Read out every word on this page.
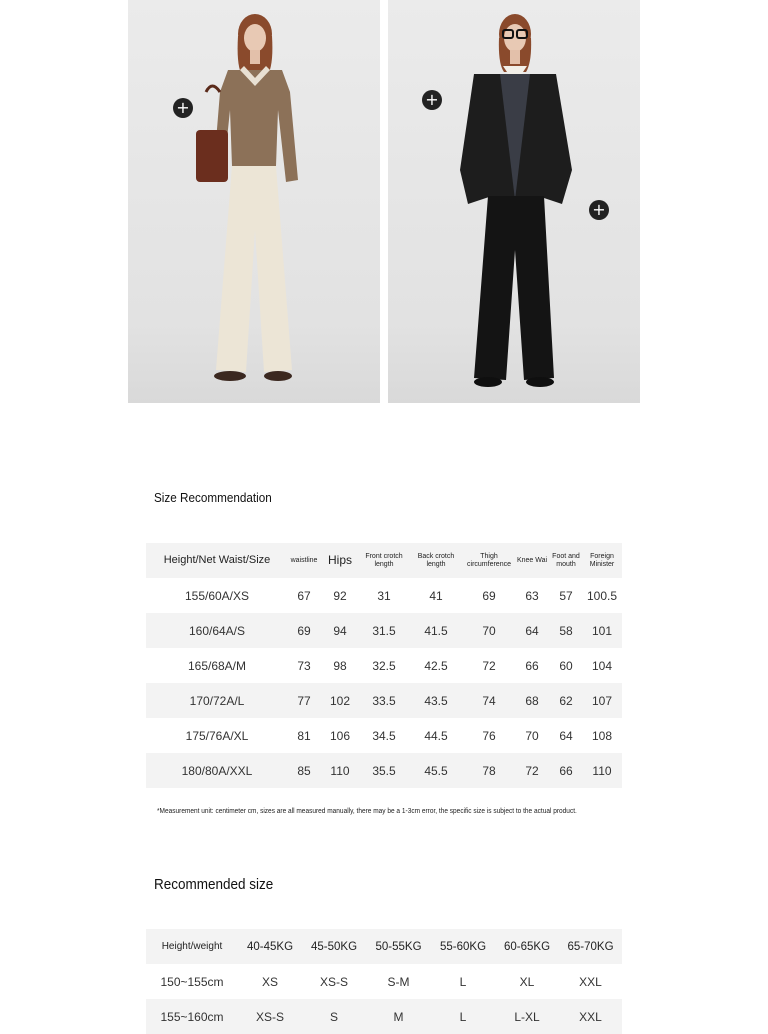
+	+
+
Size Recommendation
Height/Net Waist/Size	waistline	Hips	Front crotch length	Back crotch length	Thigh circumference	Knee Wai	Foot and mouth	Foreign Minister
155/60A/XS	67	92	31	41	69	63	57	100.5
160/64A/S	69	94	31.5	41.5	70	64	58	101
165/68A/M	73	98	32.5	42.5	72	66	60	104
170/72A/L	77	102	33.5	43.5	74	68	62	107
175/76A/XL	81	106	34.5	44.5	76	70	64	108
180/80A/XXL	85	110	35.5	45.5	78	72	66	110

*Measurement unit: centimeter cm, sizes are all measured manually, there may be a 1-3cm error, the specific size is subject to the actual product.

Recommended size
Height/weight	40-45KG	45-50KG	50-55KG	55-60KG	60-65KG	65-70KG
150~155cm	XS	XS-S	S-M	L	XL	XXL
155~160cm	XS-S	S	M	L	L-XL	XXL
